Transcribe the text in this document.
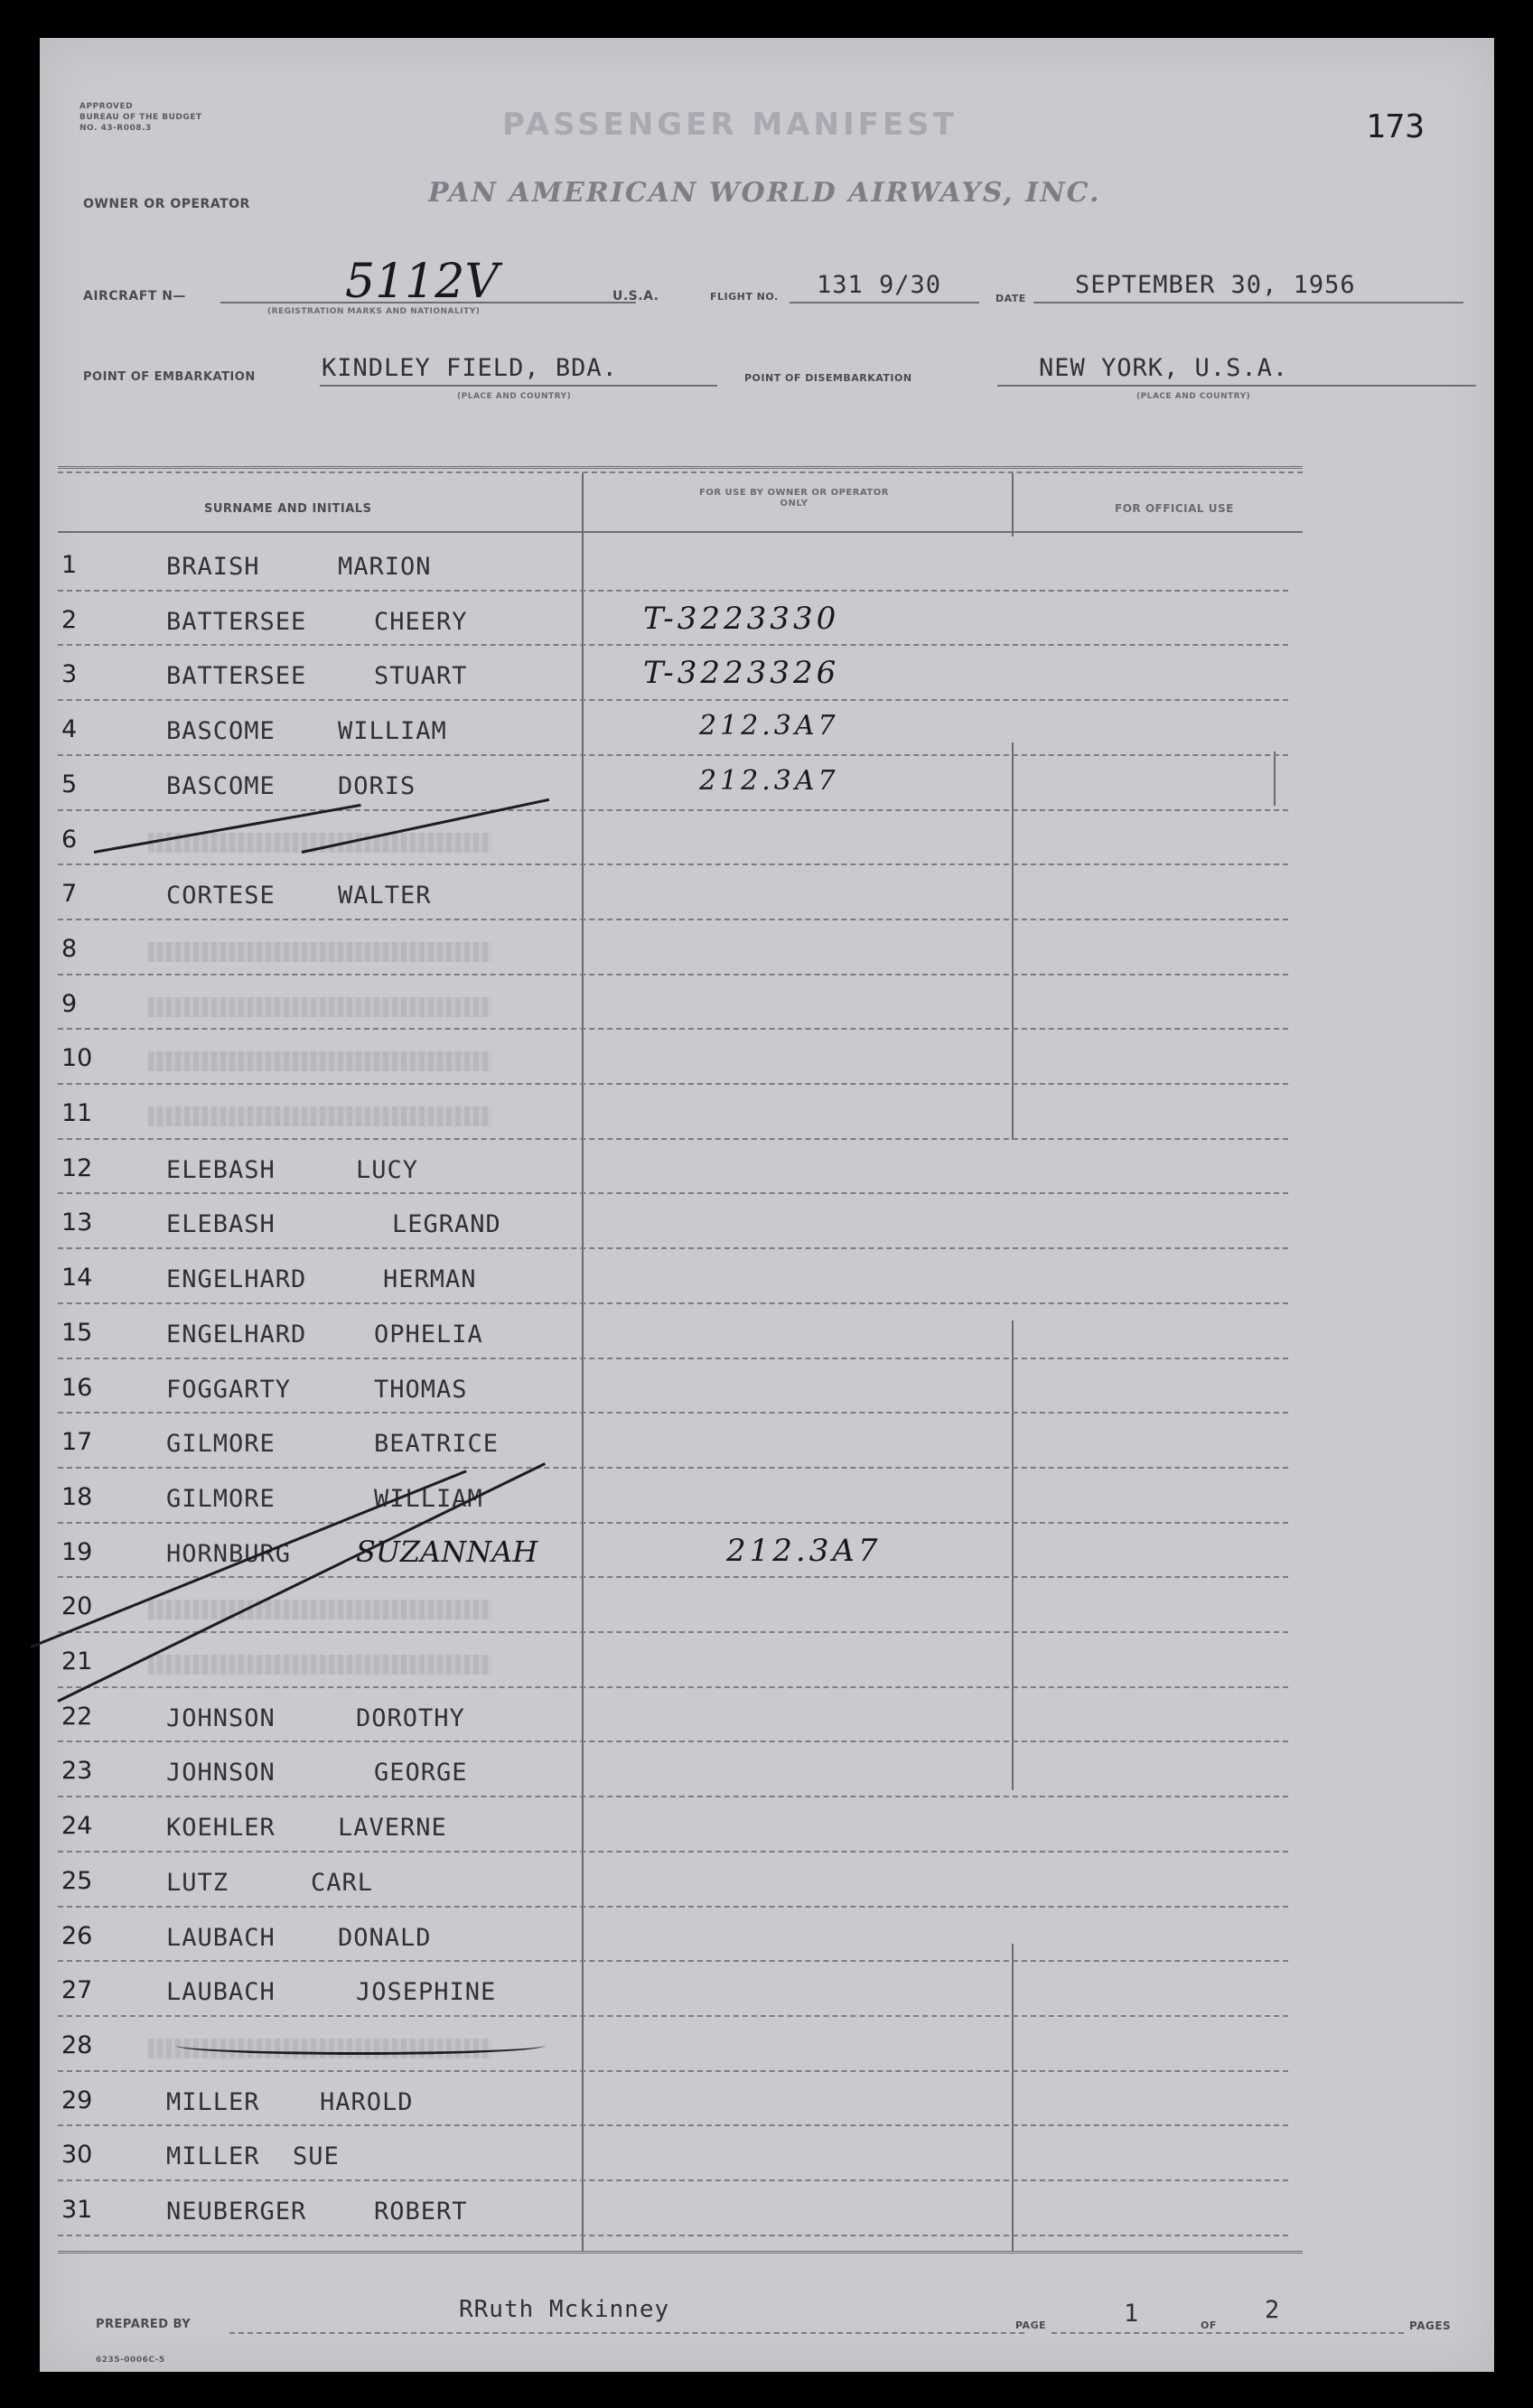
APPROVED
BUREAU OF THE BUDGET
NO. 43-R008.3	PASSENGER MANIFEST	173
OWNER OR OPERATOR	PAN AMERICAN WORLD AIRWAYS, INC.
AIRCRAFT N—	5112V
(REGISTRATION MARKS AND NATIONALITY)
U.S.A.	FLIGHT NO. 131 9/30	DATE SEPTEMBER 30, 1956
POINT OF EMBARKATION	KINDLEY FIELD, BDA.
(PLACE AND COUNTRY)
POINT OF DISEMBARKATION	NEW YORK, U.S.A.
(PLACE AND COUNTRY)
SURNAME AND INITIALS
FOR USE BY OWNER OR OPERATOR ONLY	FOR OFFICIAL USE
1	BRAISH	MARION
2	BATTERSEE	CHEERY	T-3223330
3	BATTERSEE	STUART	T-3223326
4	BASCOME	WILLIAM	212.3A7
5	BASCOME	DORIS	212.3A7
6
7	CORTESE	WALTER
8
9
10
11
12	ELEBASH	LUCY
13	ELEBASH	LEGRAND
14	ENGELHARD	HERMAN
15	ENGELHARD	OPHELIA
16	FOGGARTY	THOMAS
17	GILMORE	BEATRICE
18	GILMORE	WILLIAM
19	HORNBURG SUZANNAH	212.3A7
20
21
22	JOHNSON	DOROTHY
23	JOHNSON	GEORGE
24	KOEHLER	LAVERNE
25	LUTZ	CARL
26	LAUBACH	DONALD
27	LAUBACH	JOSEPHINE
28
29	MILLER HAROLD
30	MILLER SUE
31	NEUBERGER	ROBERT
PREPARED BY
RRuth Mckinney
PAGE	1	OF
2
PAGES
6235-0006C-5
